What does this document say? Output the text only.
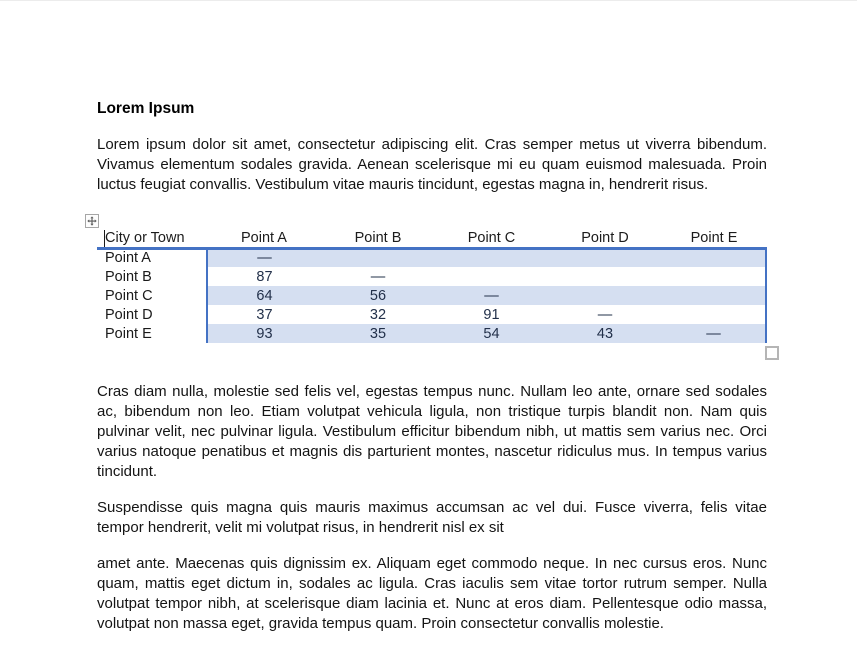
Lorem Ipsum
Lorem ipsum dolor sit amet, consectetur adipiscing elit. Cras semper metus ut viverra bibendum. Vivamus elementum sodales gravida. Aenean scelerisque mi eu quam euismod malesuada. Proin luctus feugiat convallis. Vestibulum vitae mauris tincidunt, egestas magna in, hendrerit risus.
City or Town	Point A	Point B	Point C	Point D	Point E
Point A	—				
Point B	87	—			
Point C	64	56	—		
Point D	37	32	91	—	
Point E	93	35	54	43	—
Cras diam nulla, molestie sed felis vel, egestas tempus nunc. Nullam leo ante, ornare sed sodales ac, bibendum non leo. Etiam volutpat vehicula ligula, non tristique turpis blandit non. Nam quis pulvinar velit, nec pulvinar ligula. Vestibulum efficitur bibendum nibh, ut mattis sem varius nec. Orci varius natoque penatibus et magnis dis parturient montes, nascetur ridiculus mus. In tempus varius tincidunt.
Suspendisse quis magna quis mauris maximus accumsan ac vel dui. Fusce viverra, felis vitae tempor hendrerit, velit mi volutpat risus, in hendrerit nisl ex sit
amet ante. Maecenas quis dignissim ex. Aliquam eget commodo neque. In nec cursus eros. Nunc quam, mattis eget dictum in, sodales ac ligula. Cras iaculis sem vitae tortor rutrum semper. Nulla volutpat tempor nibh, at scelerisque diam lacinia et. Nunc at eros diam. Pellentesque odio massa, volutpat non massa eget, gravida tempus quam. Proin consectetur convallis molestie.
